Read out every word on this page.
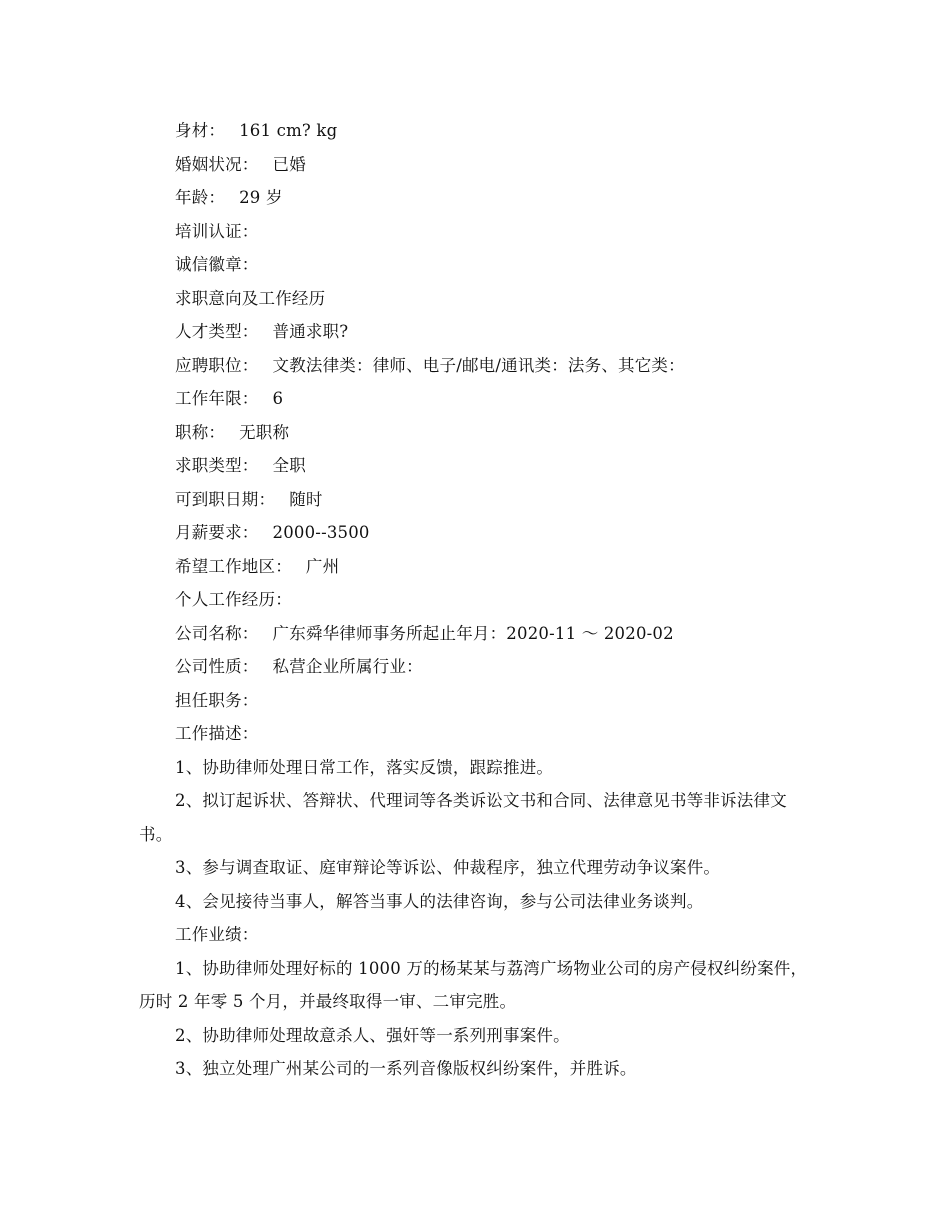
身材： 161 cm? kg
婚姻状况： 已婚
年龄： 29 岁
培训认证：
诚信徽章：
求职意向及工作经历
人才类型： 普通求职?
应聘职位： 文教法律类：律师、电子/邮电/通讯类：法务、其它类：
工作年限： 6
职称： 无职称
求职类型： 全职
可到职日期： 随时
月薪要求： 2000--3500
希望工作地区： 广州
个人工作经历：
公司名称： 广东舜华律师事务所起止年月：2020-11 ～ 2020-02
公司性质： 私营企业所属行业：
担任职务：
工作描述：

1、协助律师处理日常工作，落实反馈，跟踪推进。

2、拟订起诉状、答辩状、代理词等各类诉讼文书和合同、法律意见书等非诉法律文书。

3、参与调查取证、庭审辩论等诉讼、仲裁程序，独立代理劳动争议案件。

4、会见接待当事人，解答当事人的法律咨询，参与公司法律业务谈判。

工作业绩：

1、协助律师处理好标的 1000 万的杨某某与荔湾广场物业公司的房产侵权纠纷案件，历时 2 年零 5 个月，并最终取得一审、二审完胜。

2、协助律师处理故意杀人、强奸等一系列刑事案件。

3、独立处理广州某公司的一系列音像版权纠纷案件，并胜诉。
